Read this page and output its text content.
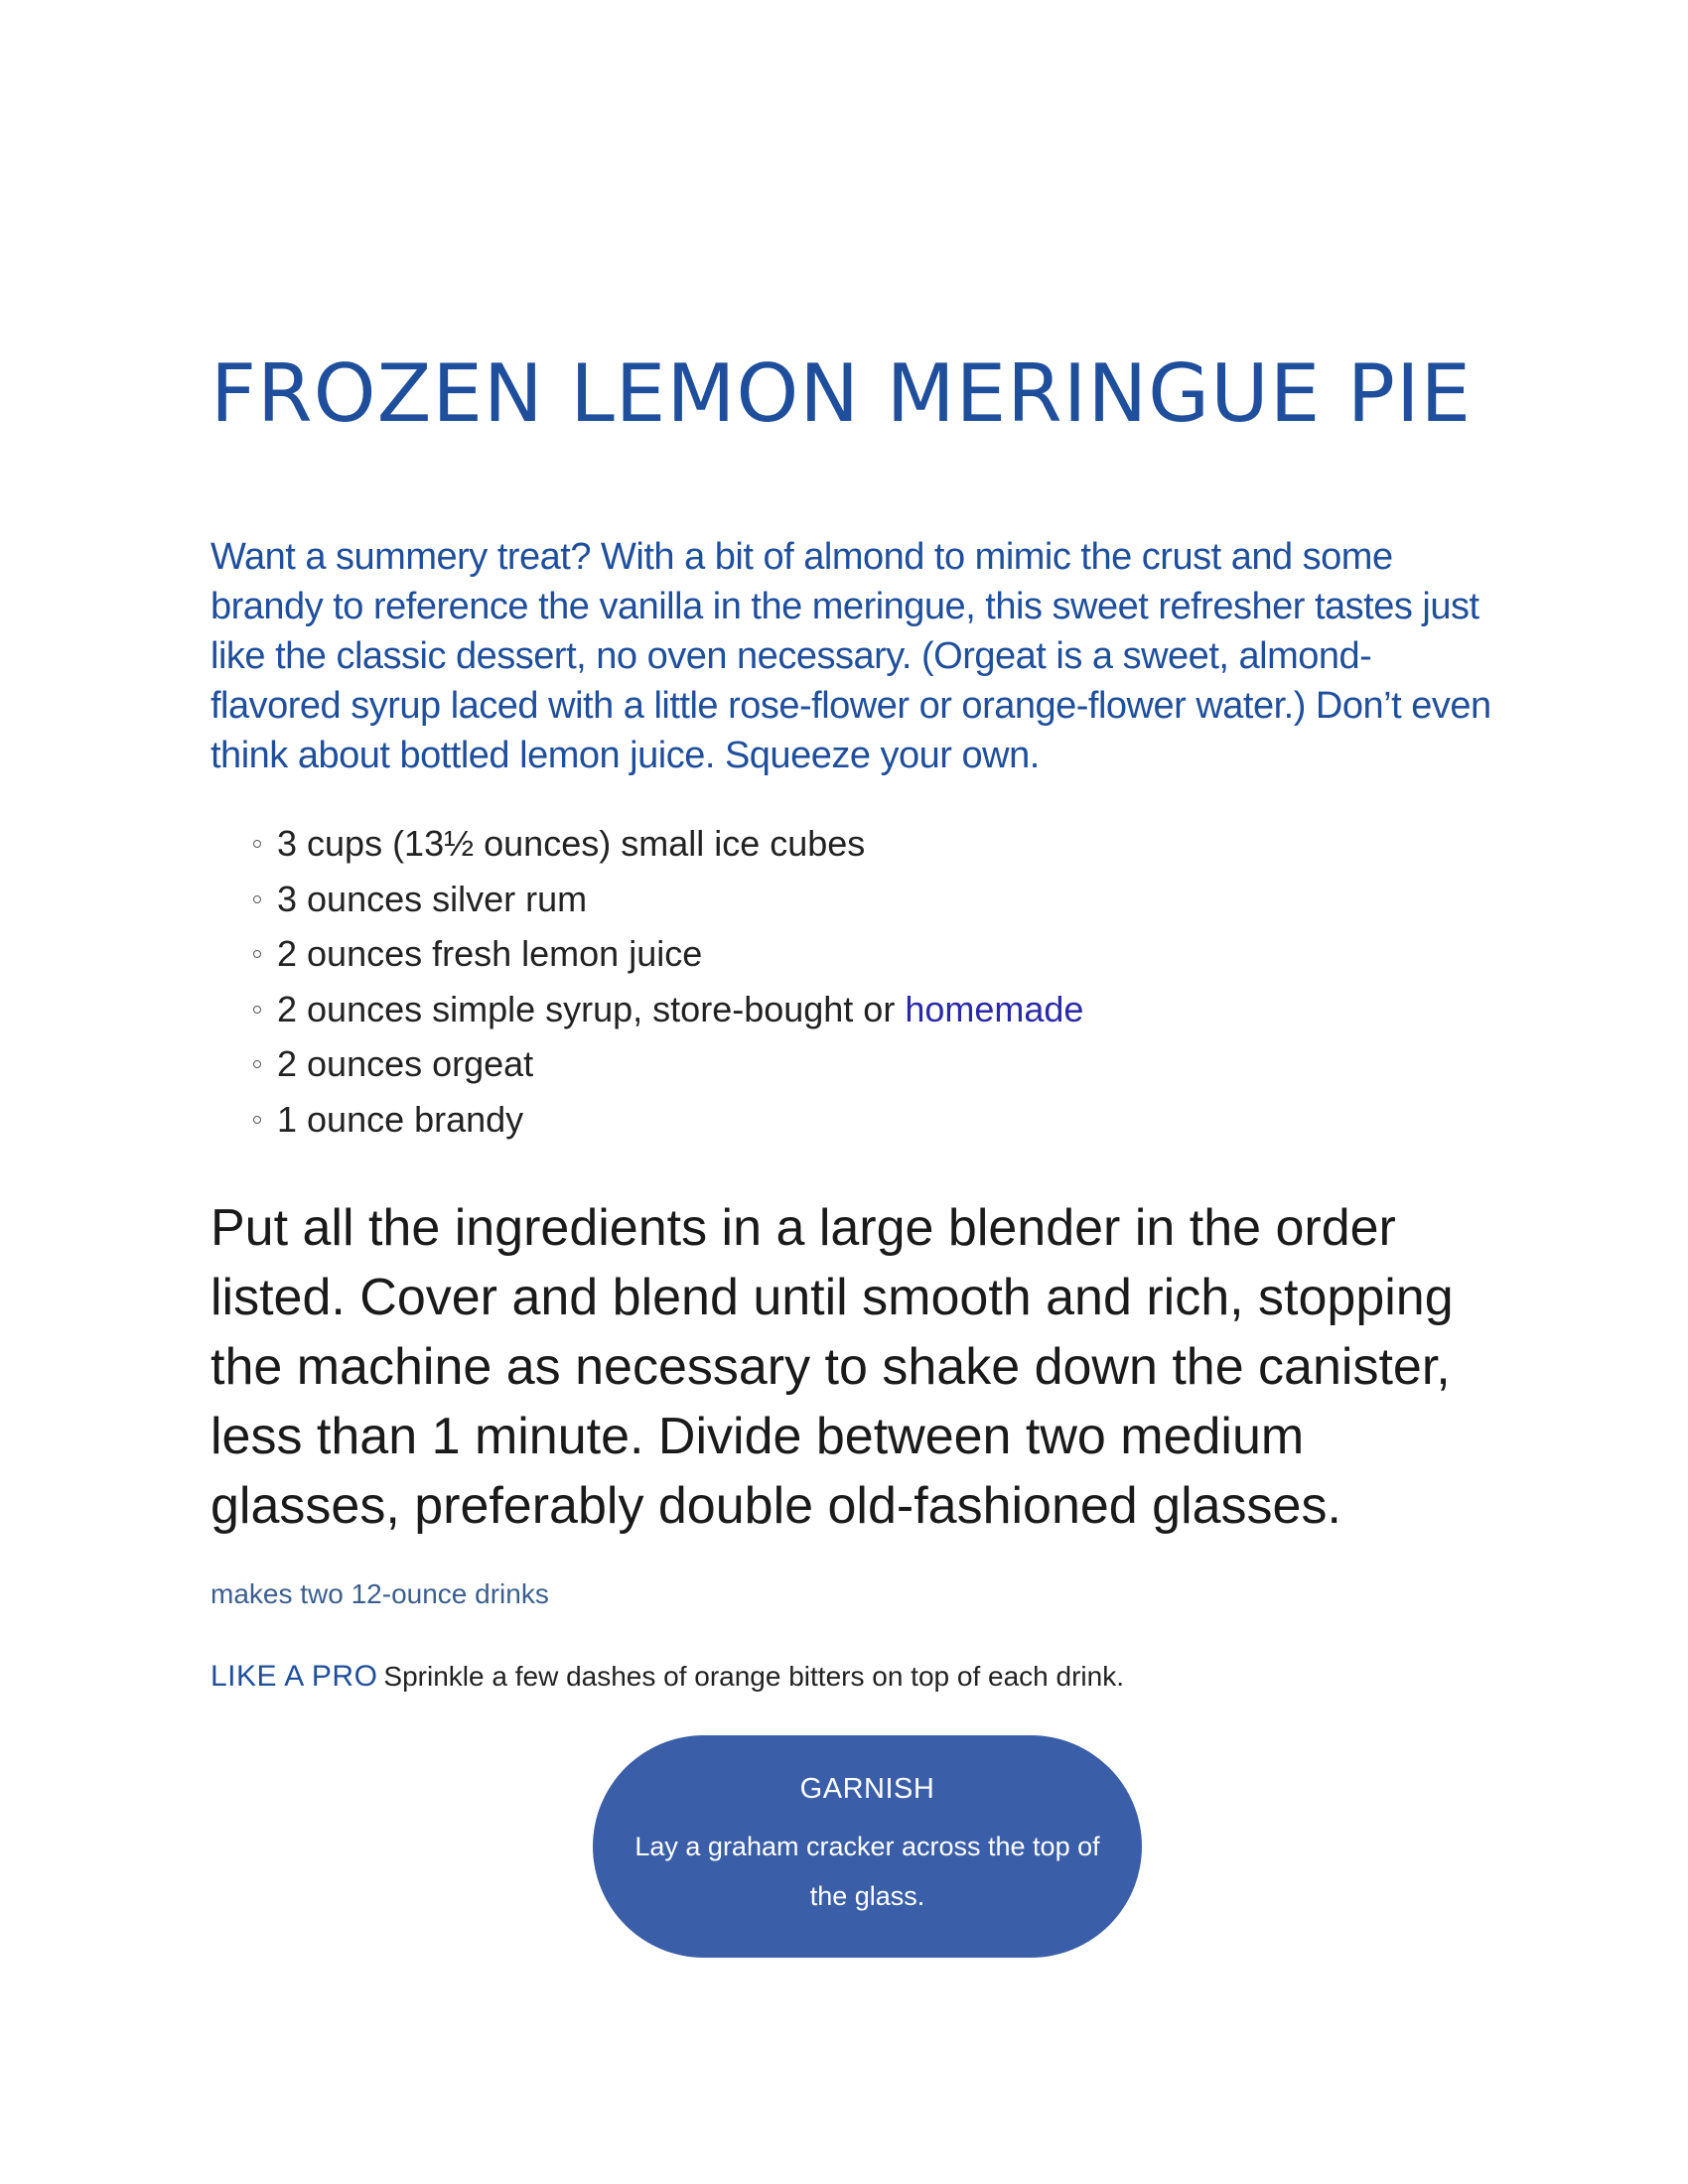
FROZEN LEMON MERINGUE PIE

Want a summery treat? With a bit of almond to mimic the crust and some brandy to reference the vanilla in the meringue, this sweet refresher tastes just like the classic dessert, no oven necessary. (Orgeat is a sweet, almond-flavored syrup laced with a little rose-flower or orange-flower water.) Don’t even think about bottled lemon juice. Squeeze your own.

3 cups (13½ ounces) small ice cubes
3 ounces silver rum
2 ounces fresh lemon juice
2 ounces simple syrup, store-bought or homemade
2 ounces orgeat
1 ounce brandy

Put all the ingredients in a large blender in the order listed. Cover and blend until smooth and rich, stopping the machine as necessary to shake down the canister, less than 1 minute. Divide between two medium glasses, preferably double old-fashioned glasses.

makes two 12-ounce drinks

LIKE A PRO Sprinkle a few dashes of orange bitters on top of each drink.

GARNISH

Lay a graham cracker across the top of the glass.
